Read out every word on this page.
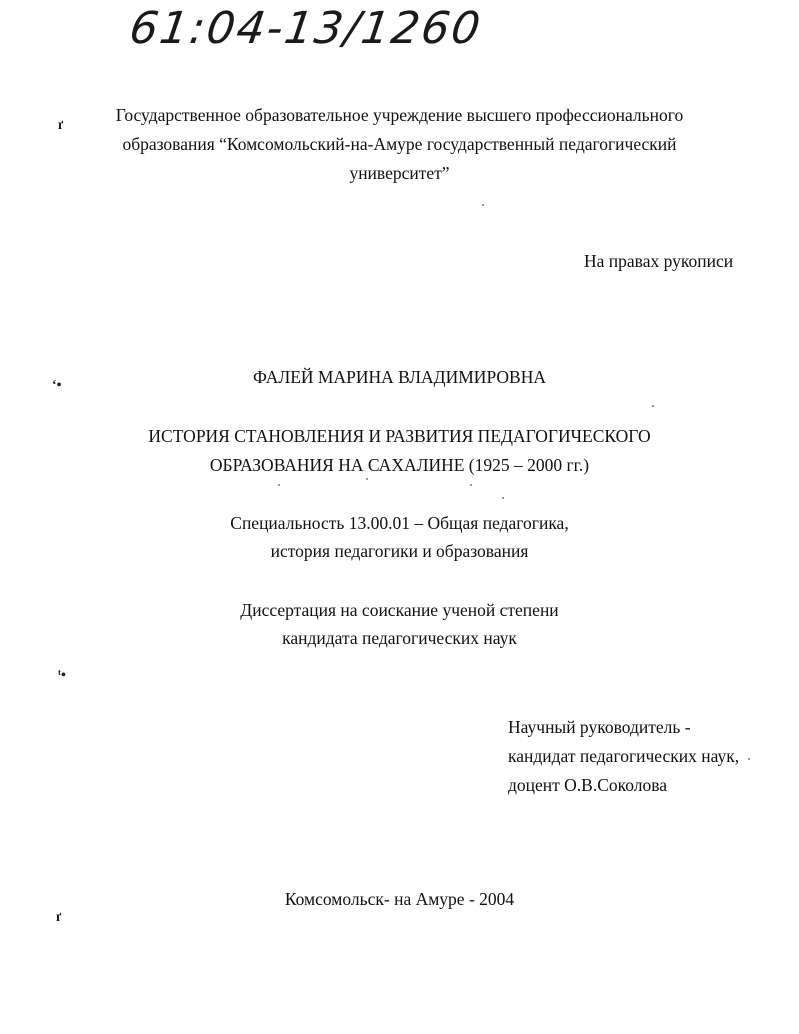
61:04-13/1260
Государственное образовательное учреждение высшего профессионального
образования “Комсомольский-на-Амуре государственный педагогический
университет”
На правах рукописи
ФАЛЕЙ МАРИНА ВЛАДИМИРОВНА
ИСТОРИЯ СТАНОВЛЕНИЯ И РАЗВИТИЯ ПЕДАГОГИЧЕСКОГО
ОБРАЗОВАНИЯ НА САХАЛИНЕ (1925 – 2000 гг.)
Специальность 13.00.01 – Общая педагогика,
история педагогики и образования
Диссертация на соискание ученой степени
кандидата педагогических наук
Научный руководитель -
кандидат педагогических наук,
доцент О.В.Соколова
Комсомольск- на Амуре - 2004
ґ
ʻ•
ᵗ•
ґ
